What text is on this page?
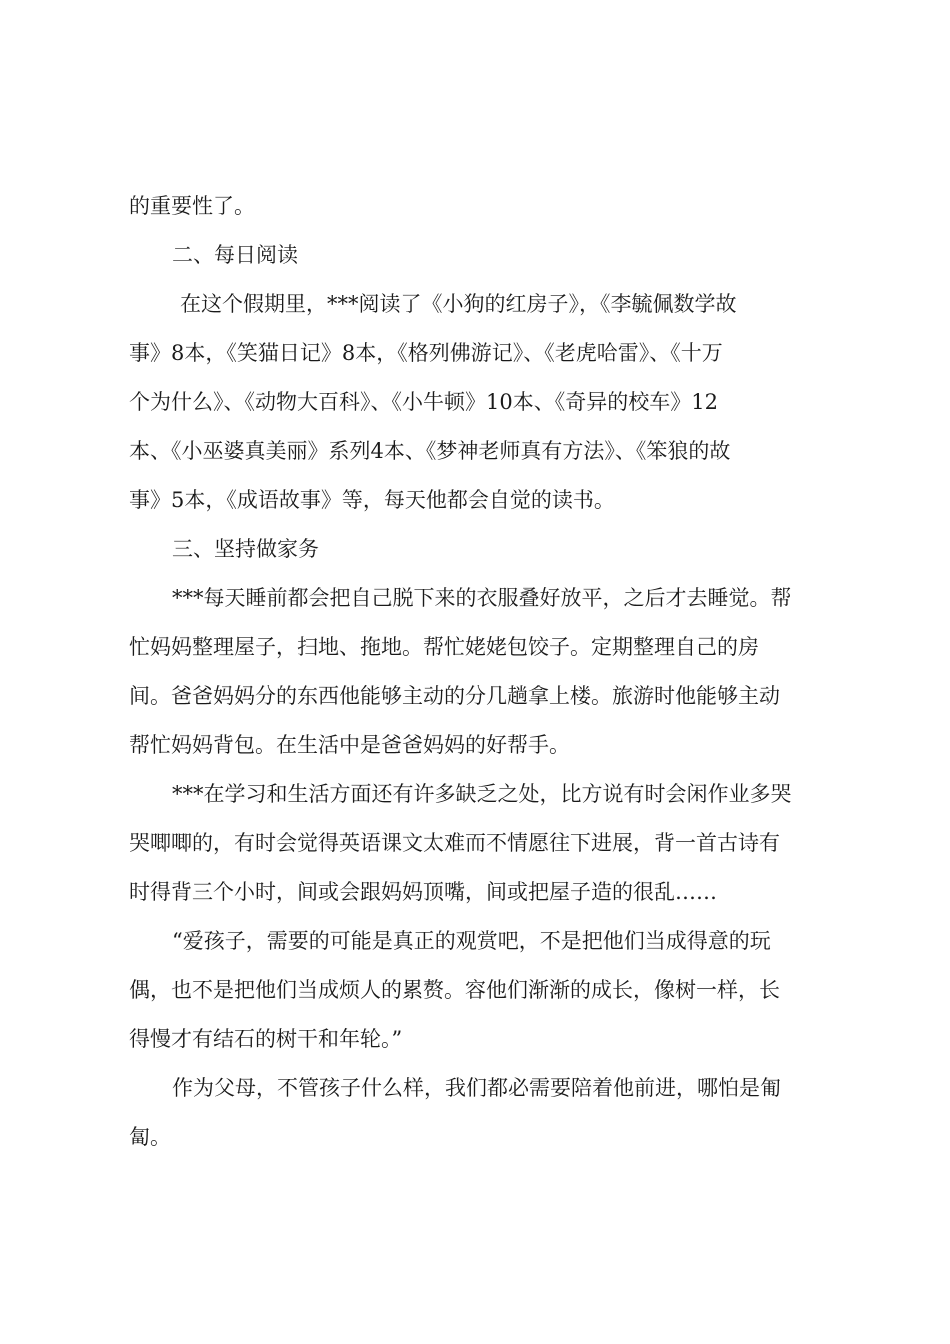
的重要性了。
二、每日阅读
在这个假期里，***阅读了《小狗的红房子》，《李毓佩数学故
事》8本，《笑猫日记》8本，《格列佛游记》、《老虎哈雷》、《十万
个为什么》、《动物大百科》、《小牛顿》10本、《奇异的校车》12
本、《小巫婆真美丽》系列4本、《梦神老师真有方法》、《笨狼的故
事》5本，《成语故事》等，每天他都会自觉的读书。
三、坚持做家务
***每天睡前都会把自己脱下来的衣服叠好放平，之后才去睡觉。帮
忙妈妈整理屋子，扫地、拖地。帮忙姥姥包饺子。定期整理自己的房
间。爸爸妈妈分的东西他能够主动的分几趟拿上楼。旅游时他能够主动
帮忙妈妈背包。在生活中是爸爸妈妈的好帮手。
***在学习和生活方面还有许多缺乏之处，比方说有时会闲作业多哭
哭唧唧的，有时会觉得英语课文太难而不情愿往下进展，背一首古诗有
时得背三个小时，间或会跟妈妈顶嘴，间或把屋子造的很乱……
“爱孩子，需要的可能是真正的观赏吧，不是把他们当成得意的玩
偶，也不是把他们当成烦人的累赘。容他们渐渐的成长，像树一样，长
得慢才有结石的树干和年轮。”
作为父母，不管孩子什么样，我们都必需要陪着他前进，哪怕是匍
匐。
